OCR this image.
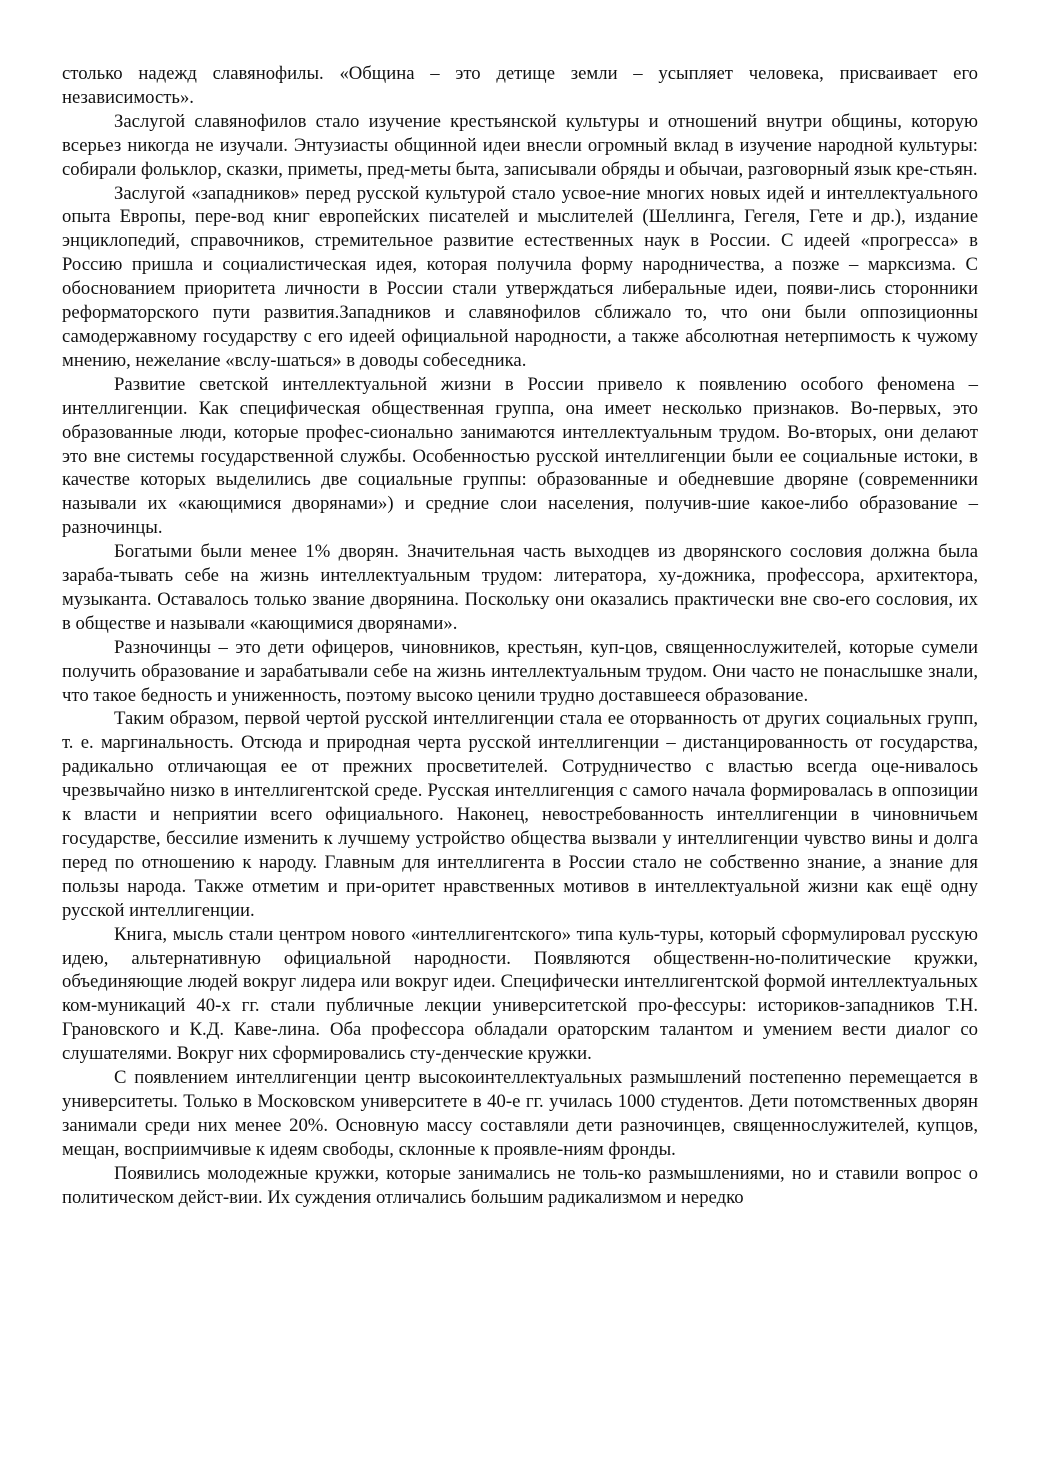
столько надежд славянофилы. «Община – это детище земли – усыпляет человека, присваивает его независимость».

Заслугой славянофилов стало изучение крестьянской культуры и отношений внутри общины, которую всерьез никогда не изучали. Энтузиасты общинной идеи внесли огромный вклад в изучение народной культуры: собирали фольклор, сказки, приметы, пред-меты быта, записывали обряды и обычаи, разговорный язык кре-стьян.

Заслугой «западников» перед русской культурой стало усвое-ние многих новых идей и интеллектуального опыта Европы, пере-вод книг европейских писателей и мыслителей (Шеллинга, Гегеля, Гете и др.), издание энциклопедий, справочников, стремительное развитие естественных наук в России. С идеей «прогресса» в Россию пришла и социалистическая идея, которая получила форму народничества, а позже – марксизма. С обоснованием приоритета личности в России стали утверждаться либеральные идеи, появи-лись сторонники реформаторского пути развития.Западников и славянофилов сближало то, что они были оппозиционны самодержавному государству с его идеей официальной народности, а также абсолютная нетерпимость к чужому мнению, нежелание «вслу-шаться» в доводы собеседника.

Развитие светской интеллектуальной жизни в России привело к появлению особого феномена – интеллигенции. Как специфическая общественная группа, она имеет несколько признаков. Во-первых, это образованные люди, которые профес-сионально занимаются интеллектуальным трудом. Во-вторых, они делают это вне системы государственной службы. Особенностью русской интеллигенции были ее социальные истоки, в качестве которых выделились две социальные группы: образованные и обедневшие дворяне (современники называли их «кающимися дворянами») и средние слои населения, получив-шие какое-либо образование – разночинцы.

Богатыми были менее 1% дворян. Значительная часть выходцев из дворянского сословия должна была зараба-тывать себе на жизнь интеллектуальным трудом: литератора, ху-дожника, профессора, архитектора, музыканта. Оставалось только звание дворянина. Поскольку они оказались практически вне сво-его сословия, их в обществе и называли «кающимися дворянами».

Разночинцы – это дети офицеров, чиновников, крестьян, куп-цов, священнослужителей, которые сумели получить образование и зарабатывали себе на жизнь интеллектуальным трудом. Они часто не понаслышке знали, что такое бедность и униженность, поэтому высоко ценили трудно доставшееся образование.

Таким образом, первой чертой русской интеллигенции стала ее оторванность от других социальных групп, т. е. маргинальность. Отсюда и природная черта русской интеллигенции – дистанцированность от государства, радикально отличающая ее от прежних просветителей. Сотрудничество с властью всегда оце-нивалось чрезвычайно низко в интеллигентской среде. Русская интеллигенция с самого начала формировалась в оппозиции к власти и неприятии всего официального. Наконец, невостребованность интеллигенции в чиновничьем государстве, бессилие изменить к лучшему устройство общества вызвали у интеллигенции чувство вины и долга перед по отношению к народу. Главным для интеллигента в России стало не собственно знание, а знание для пользы народа. Также отметим и при-оритет нравственных мотивов в интеллектуальной жизни как ещё одну русской интеллигенции.

Книга, мысль стали центром нового «интеллигентского» типа куль-туры, который сформулировал русскую идею, альтернативную официальной народности. Появляются общественн-но-политические кружки, объединяющие людей вокруг лидера или вокруг идеи. Специфически интеллигентской формой интеллектуальных ком-муникаций 40-х гг. стали публичные лекции университетской про-фессуры: историков-западников Т.Н. Грановского и К.Д. Каве-лина. Оба профессора обладали ораторским талантом и умением вести диалог со слушателями. Вокруг них сформировались сту-денческие кружки.

С появлением интеллигенции центр высокоинтеллектуальных размышлений постепенно перемещается в университеты. Только в Московском университете в 40-е гг. училась 1000 студентов. Дети потомственных дворян занимали среди них менее 20%. Основную массу составляли дети разночинцев, священнослужителей, купцов, мещан, восприимчивые к идеям свободы, склонные к проявле-ниям фронды.

Появились молодежные кружки, которые занимались не толь-ко размышлениями, но и ставили вопрос о политическом дейст-вии. Их суждения отличались большим радикализмом и нередко
